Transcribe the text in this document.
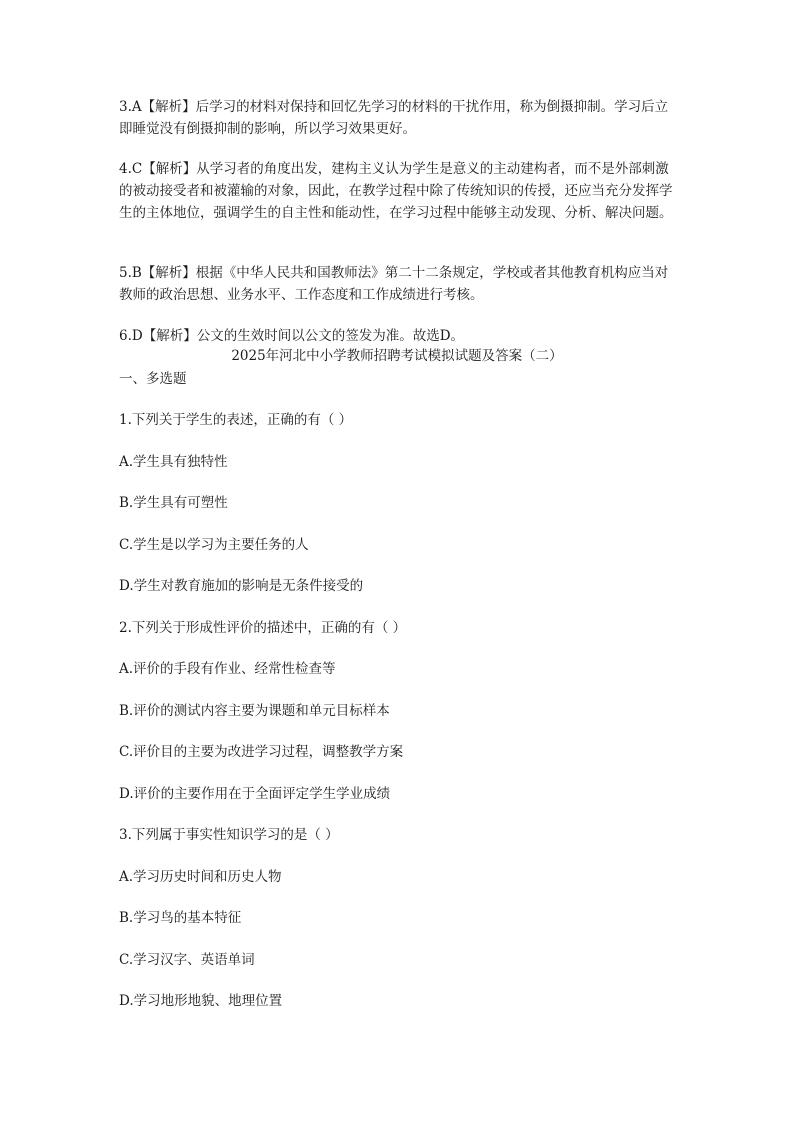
3.A【解析】后学习的材料对保持和回忆先学习的材料的干扰作用，称为倒摄抑制。学习后立即睡觉没有倒摄抑制的影响，所以学习效果更好。

4.C【解析】从学习者的角度出发，建构主义认为学生是意义的主动建构者，而不是外部刺激的被动接受者和被灌输的对象，因此，在教学过程中除了传统知识的传授，还应当充分发挥学生的主体地位，强调学生的自主性和能动性，在学习过程中能够主动发现、分析、解决问题。

5.B【解析】根据《中华人民共和国教师法》第二十二条规定，学校或者其他教育机构应当对教师的政治思想、业务水平、工作态度和工作成绩进行考核。

6.D【解析】公文的生效时间以公文的签发为准。故选D。

2025年河北中小学教师招聘考试模拟试题及答案（二）

一、多选题

1.下列关于学生的表述，正确的有（ ）

A.学生具有独特性

B.学生具有可塑性

C.学生是以学习为主要任务的人

D.学生对教育施加的影响是无条件接受的

2.下列关于形成性评价的描述中，正确的有（ ）

A.评价的手段有作业、经常性检查等

B.评价的测试内容主要为课题和单元目标样本

C.评价目的主要为改进学习过程，调整教学方案

D.评价的主要作用在于全面评定学生学业成绩

3.下列属于事实性知识学习的是（ ）

A.学习历史时间和历史人物

B.学习鸟的基本特征

C.学习汉字、英语单词

D.学习地形地貌、地理位置
